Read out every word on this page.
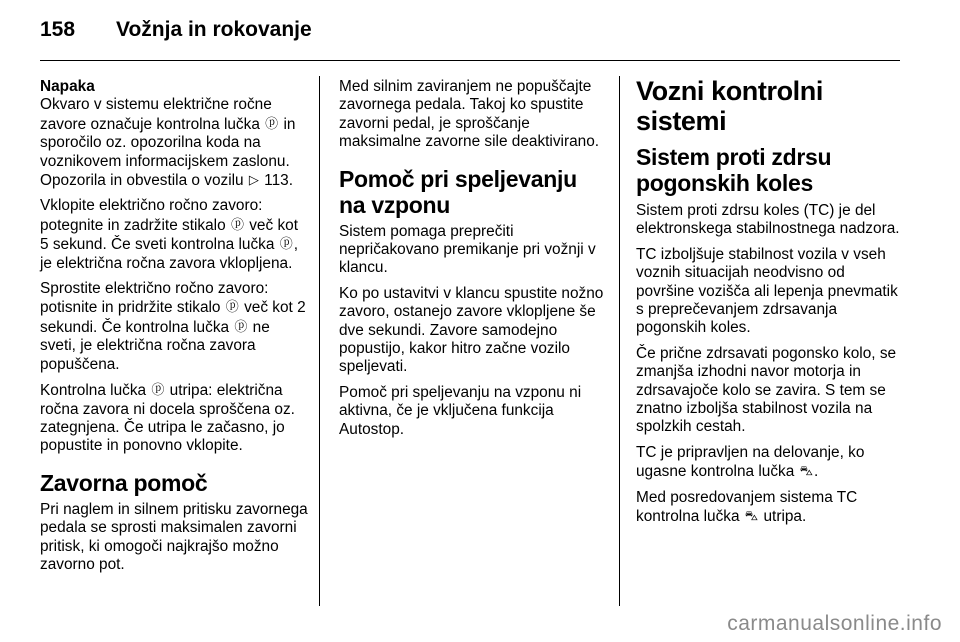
158 Vožnja in rokovanje

Napaka
Okvaro v sistemu električne ročne zavore označuje kontrolna lučka ⓟ in sporočilo oz. opozorilna koda na voznikovem informacijskem zaslonu. Opozorila in obvestila o vozilu ▷ 113.

Vklopite električno ročno zavoro: potegnite in zadržite stikalo ⓟ več kot 5 sekund. Če sveti kontrolna lučka ⓟ, je električna ročna zavora vklopljena.

Sprostite električno ročno zavoro: potisnite in pridržite stikalo ⓟ več kot 2 sekundi. Če kontrolna lučka ⓟ ne sveti, je električna ročna zavora popuščena.

Kontrolna lučka ⓟ utripa: električna ročna zavora ni docela sproščena oz. zategnjena. Če utripa le začasno, jo popustite in ponovno vklopite.

Zavorna pomoč

Pri naglem in silnem pritisku zavornega pedala se sprosti maksimalen zavorni pritisk, ki omogoči najkrajšo možno zavorno pot.

Med silnim zaviranjem ne popuščajte zavornega pedala. Takoj ko spustite zavorni pedal, je sproščanje maksimalne zavorne sile deaktivirano.

Pomoč pri speljevanju na vzponu

Sistem pomaga preprečiti nepričakovano premikanje pri vožnji v klancu.

Ko po ustavitvi v klancu spustite nožno zavoro, ostanejo zavore vklopljene še dve sekundi. Zavore samodejno popustijo, kakor hitro začne vozilo speljevati.

Pomoč pri speljevanju na vzponu ni aktivna, če je vključena funkcija Autostop.

Vozni kontrolni sistemi
Sistem proti zdrsu pogonskih koles

Sistem proti zdrsu koles (TC) je del elektronskega stabilnostnega nadzora.

TC izboljšuje stabilnost vozila v vseh voznih situacijah neodvisno od površine vozišča ali lepenja pnevmatik s preprečevanjem zdrsavanja pogonskih koles.

Če prične zdrsavati pogonsko kolo, se zmanjša izhodni navor motorja in zdrsavajoče kolo se zavira. S tem se znatno izboljša stabilnost vozila na spolzkih cestah.

TC je pripravljen na delovanje, ko ugasne kontrolna lučka ⛍.

Med posredovanjem sistema TC kontrolna lučka ⛍ utripa.

carmanualsonline.info
